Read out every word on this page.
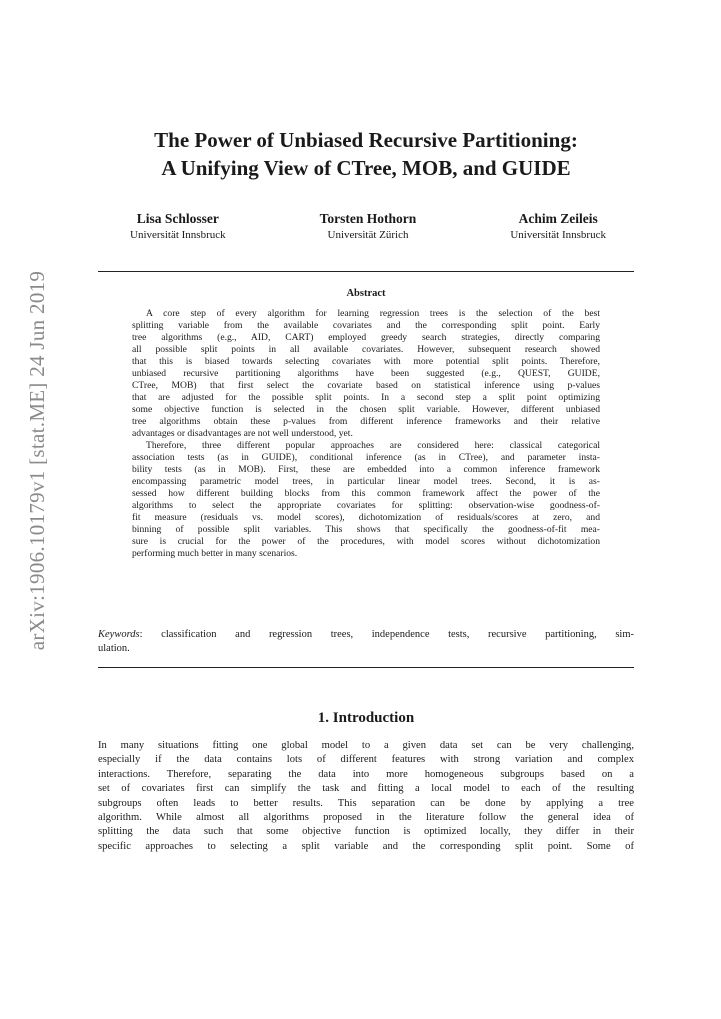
arXiv:1906.10179v1 [stat.ME] 24 Jun 2019
The Power of Unbiased Recursive Partitioning:
A Unifying View of CTree, MOB, and GUIDE
Lisa Schlosser
Universität Innsbruck
Torsten Hothorn
Universität Zürich
Achim Zeileis
Universität Innsbruck
Abstract
A core step of every algorithm for learning regression trees is the selection of the best
splitting variable from the available covariates and the corresponding split point. Early
tree algorithms (e.g., AID, CART) employed greedy search strategies, directly comparing
all possible split points in all available covariates. However, subsequent research showed
that this is biased towards selecting covariates with more potential split points. Therefore,
unbiased recursive partitioning algorithms have been suggested (e.g., QUEST, GUIDE,
CTree, MOB) that first select the covariate based on statistical inference using p-values
that are adjusted for the possible split points. In a second step a split point optimizing
some objective function is selected in the chosen split variable. However, different unbiased
tree algorithms obtain these p-values from different inference frameworks and their relative
advantages or disadvantages are not well understood, yet.
Therefore, three different popular approaches are considered here: classical categorical
association tests (as in GUIDE), conditional inference (as in CTree), and parameter insta-
bility tests (as in MOB). First, these are embedded into a common inference framework
encompassing parametric model trees, in particular linear model trees. Second, it is as-
sessed how different building blocks from this common framework affect the power of the
algorithms to select the appropriate covariates for splitting: observation-wise goodness-of-
fit measure (residuals vs. model scores), dichotomization of residuals/scores at zero, and
binning of possible split variables. This shows that specifically the goodness-of-fit mea-
sure is crucial for the power of the procedures, with model scores without dichotomization
performing much better in many scenarios.
Keywords: classification and regression trees, independence tests, recursive partitioning, sim-
ulation.
1. Introduction
In many situations fitting one global model to a given data set can be very challenging,
especially if the data contains lots of different features with strong variation and complex
interactions. Therefore, separating the data into more homogeneous subgroups based on a
set of covariates first can simplify the task and fitting a local model to each of the resulting
subgroups often leads to better results. This separation can be done by applying a tree
algorithm. While almost all algorithms proposed in the literature follow the general idea of
splitting the data such that some objective function is optimized locally, they differ in their
specific approaches to selecting a split variable and the corresponding split point. Some of
